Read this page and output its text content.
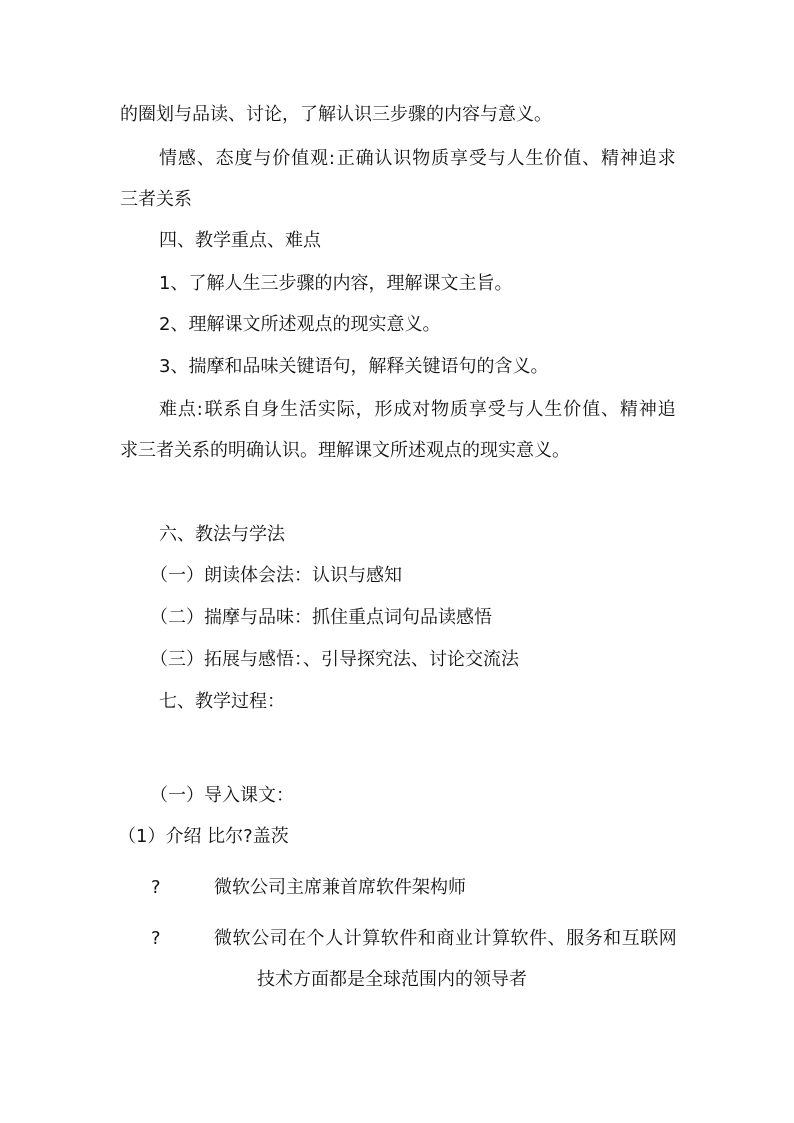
的圈划与品读、讨论，了解认识三步骤的内容与意义。
情 感 、 态 度 与 价 值 观 : 正 确 认 识 物 质 享 受 与 人 生 价 值 、 精 神 追 求
三者关系
四、教学重点、难点
1、了解人生三步骤的内容，理解课文主旨。
2、理解课文所述观点的现实意义。
3、揣摩和品味关键语句，解释关键语句的含义。
难 点 : 联 系 自 身 生 活 实 际 ， 形 成 对 物 质 享 受 与 人 生 价 值 、 精 神 追
求三者关系的明确认识。理解课文所述观点的现实意义。
六、教法与学法
（一）朗读体会法：认识与感知
（二）揣摩与品味：抓住重点词句品读感悟
（三）拓展与感悟：、引导探究法、讨论交流法
七、教学过程：
（一）导入课文：
（1）介绍 比尔?盖茨
?	微软公司主席兼首席软件架构师
?	微 软 公 司 在 个 人 计 算 软 件 和 商 业 计 算 软 件 、 服 务 和 互 联 网
技术方面都是全球范围内的领导者
